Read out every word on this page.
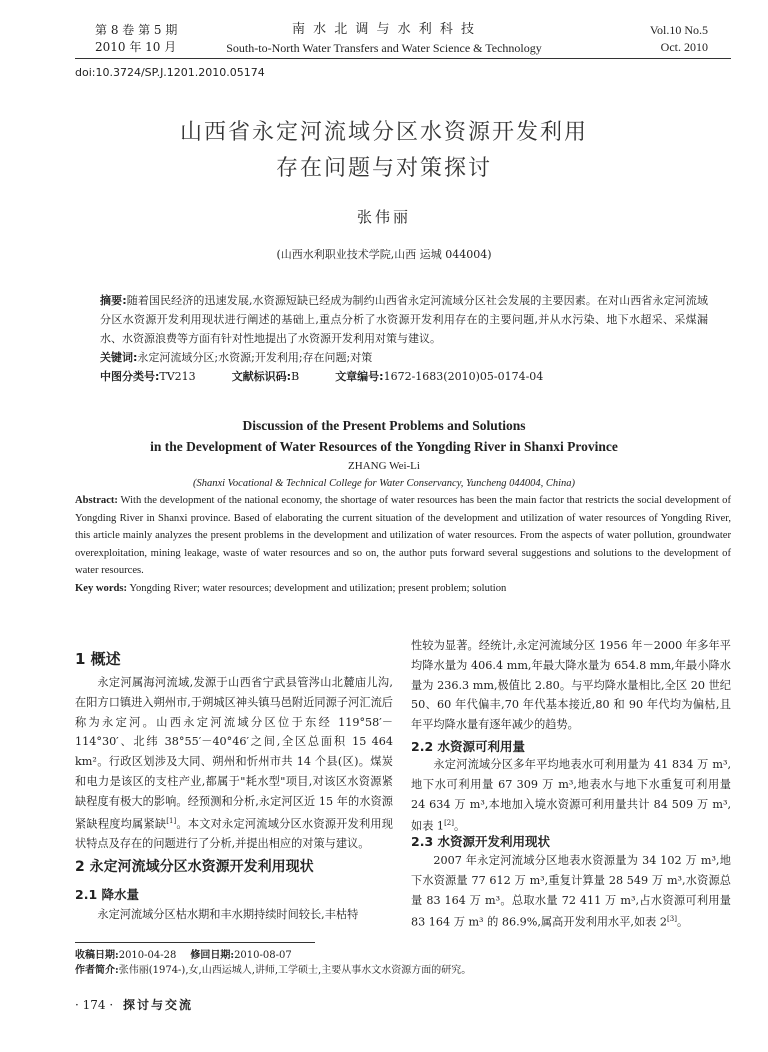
第 8 卷 第 5 期
2010 年 10 月
南 水 北 调 与 水 利 科 技
South-to-North Water Transfers and Water Science & Technology
Vol.10 No.5
Oct. 2010
doi:10.3724/SP.J.1201.2010.05174
山西省永定河流域分区水资源开发利用
存在问题与对策探讨
张伟丽
(山西水利职业技术学院,山西 运城 044004)
摘要:随着国民经济的迅速发展,水资源短缺已经成为制约山西省永定河流域分区社会发展的主要因素。在对山西省永定河流域分区水资源开发利用现状进行阐述的基础上,重点分析了水资源开发利用存在的主要问题,并从水污染、地下水超采、采煤漏水、水资源浪费等方面有针对性地提出了水资源开发利用对策与建议。
关键词:永定河流域分区;水资源;开发利用;存在问题;对策
中图分类号:TV213	文献标识码:B	文章编号:1672-1683(2010)05-0174-04
Discussion of the Present Problems and Solutions
in the Development of Water Resources of the Yongding River in Shanxi Province
ZHANG Wei-Li
(Shanxi Vocational & Technical College for Water Conservancy, Yuncheng 044004, China)
Abstract: With the development of the national economy, the shortage of water resources has been the main factor that restricts the social development of Yongding River in Shanxi province. Based of elaborating the current situation of the development and utilization of water resources of Yongding River, this article mainly analyzes the present problems in the development and utilization of water resources. From the aspects of water pollution, groundwater overexploitation, mining leakage, waste of water resources and so on, the author puts forward several suggestions and solutions to the development of water resources.
Key words: Yongding River; water resources; development and utilization; present problem; solution
1 概述

永定河属海河流域,发源于山西省宁武县管涔山北麓庙儿沟,在阳方口镇进入朔州市,于朔城区神头镇马邑附近同源子河汇流后称为永定河。山西永定河流域分区位于东经 119°58′－114°30′、北纬 38°55′－40°46′之间,全区总面积 15 464 km²。行政区划涉及大同、朔州和忻州市共 14 个县(区)。煤炭和电力是该区的支柱产业,都属于"耗水型"项目,对该区水资源紧缺程度有极大的影响。经预测和分析,永定河区近 15 年的水资源紧缺程度均属紧缺[1]。本文对永定河流域分区水资源开发利用现状特点及存在的问题进行了分析,并提出相应的对策与建议。

2 永定河流域分区水资源开发利用现状
2.1 降水量

永定河流域分区枯水期和丰水期持续时间较长,丰枯特

性较为显著。经统计,永定河流域分区 1956 年－2000 年多年平均降水量为 406.4 mm,年最大降水量为 654.8 mm,年最小降水量为 236.3 mm,极值比 2.80。与平均降水量相比,全区 20 世纪 50、60 年代偏丰,70 年代基本接近,80 和 90 年代均为偏枯,且年平均降水量有逐年减少的趋势。

2.2 水资源可利用量

永定河流域分区多年平均地表水可利用量为 41 834 万 m³,地下水可利用量 67 309 万 m³,地表水与地下水重复可利用量 24 634 万 m³,本地加入境水资源可利用量共计 84 509 万 m³,如表 1[2]。

2.3 水资源开发利用现状

2007 年永定河流域分区地表水资源量为 34 102 万 m³,地下水资源量 77 612 万 m³,重复计算量 28 549 万 m³,水资源总量 83 164 万 m³。总取水量 72 411 万 m³,占水资源可利用量 83 164 万 m³ 的 86.9%,属高开发利用水平,如表 2[3]。

收稿日期:2010-04-28 修回日期:2010-08-07
作者简介:张伟丽(1974-),女,山西运城人,讲师,工学硕士,主要从事水文水资源方面的研究。
· 174 · 探讨与交流
